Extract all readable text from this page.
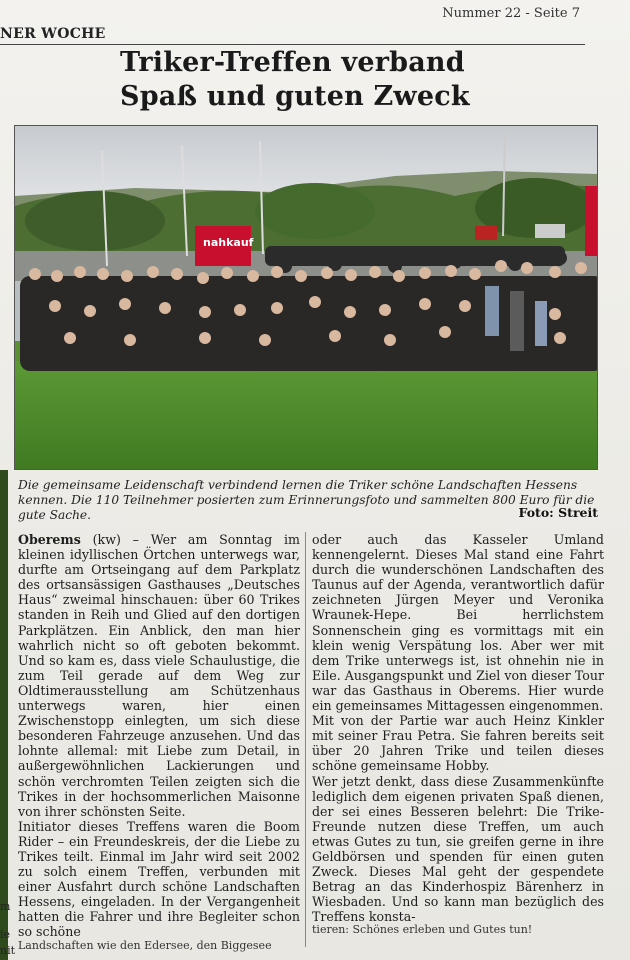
NER WOCHE
Nummer 22 - Seite 7
Triker-Treffen verband
Spaß und guten Zweck
nahkauf
Die gemeinsame Leidenschaft verbindend lernen die Triker schöne Landschaften Hessens kennen. Die 110 Teilnehmer posierten zum Erinnerungsfoto und sammelten 800 Euro für die gute Sache.	Foto: Streit

Oberems (kw) – Wer am Sonntag im kleinen idyllischen Örtchen unterwegs war, durfte am Ortseingang auf dem Parkplatz des ortsansässigen Gasthauses „Deutsches Haus“ zweimal hinschauen: über 60 Trikes standen in Reih und Glied auf den dortigen Parkplätzen. Ein Anblick, den man hier wahrlich nicht so oft geboten bekommt. Und so kam es, dass viele Schaulustige, die zum Teil gerade auf dem Weg zur Oldtimerausstellung am Schützenhaus unterwegs waren, hier einen Zwischenstopp einlegten, um sich diese besonderen Fahrzeuge anzusehen. Und das lohnte allemal: mit Liebe zum Detail, in außergewöhnlichen Lackierungen und schön verchromten Teilen zeigten sich die Trikes in der hochsommerlichen Maisonne von ihrer schönsten Seite.

Initiator dieses Treffens waren die Boom Rider – ein Freundeskreis, der die Liebe zu Trikes teilt. Einmal im Jahr wird seit 2002 zu solch einem Treffen, verbunden mit einer Ausfahrt durch schöne Landschaften Hessens, eingeladen. In der Vergangenheit hatten die Fahrer und ihre Begleiter schon so schöne

Landschaften wie den Edersee, den Biggesee

oder auch das Kasseler Umland kennengelernt. Dieses Mal stand eine Fahrt durch die wunderschönen Landschaften des Taunus auf der Agenda, verantwortlich dafür zeichneten Jürgen Meyer und Veronika Wraunek-Hepe. Bei herrlichstem Sonnenschein ging es vormittags mit ein klein wenig Verspätung los. Aber wer mit dem Trike unterwegs ist, ist ohnehin nie in Eile. Ausgangspunkt und Ziel von dieser Tour war das Gasthaus in Oberems. Hier wurde ein gemeinsames Mittagessen eingenommen.

Mit von der Partie war auch Heinz Kinkler mit seiner Frau Petra. Sie fahren bereits seit über 20 Jahren Trike und teilen dieses schöne gemeinsame Hobby.

Wer jetzt denkt, dass diese Zusammenkünfte lediglich dem eigenen privaten Spaß dienen, der sei eines Besseren belehrt: Die Trike-Freunde nutzen diese Treffen, um auch etwas Gutes zu tun, sie greifen gerne in ihre Geldbörsen und spenden für einen guten Zweck. Dieses Mal geht der gespendete Betrag an das Kinderhospiz Bärenherz in Wiesbaden. Und so kann man bezüglich des Treffens konsta-

tieren: Schönes erleben und Gutes tun!

ie
nit
m
